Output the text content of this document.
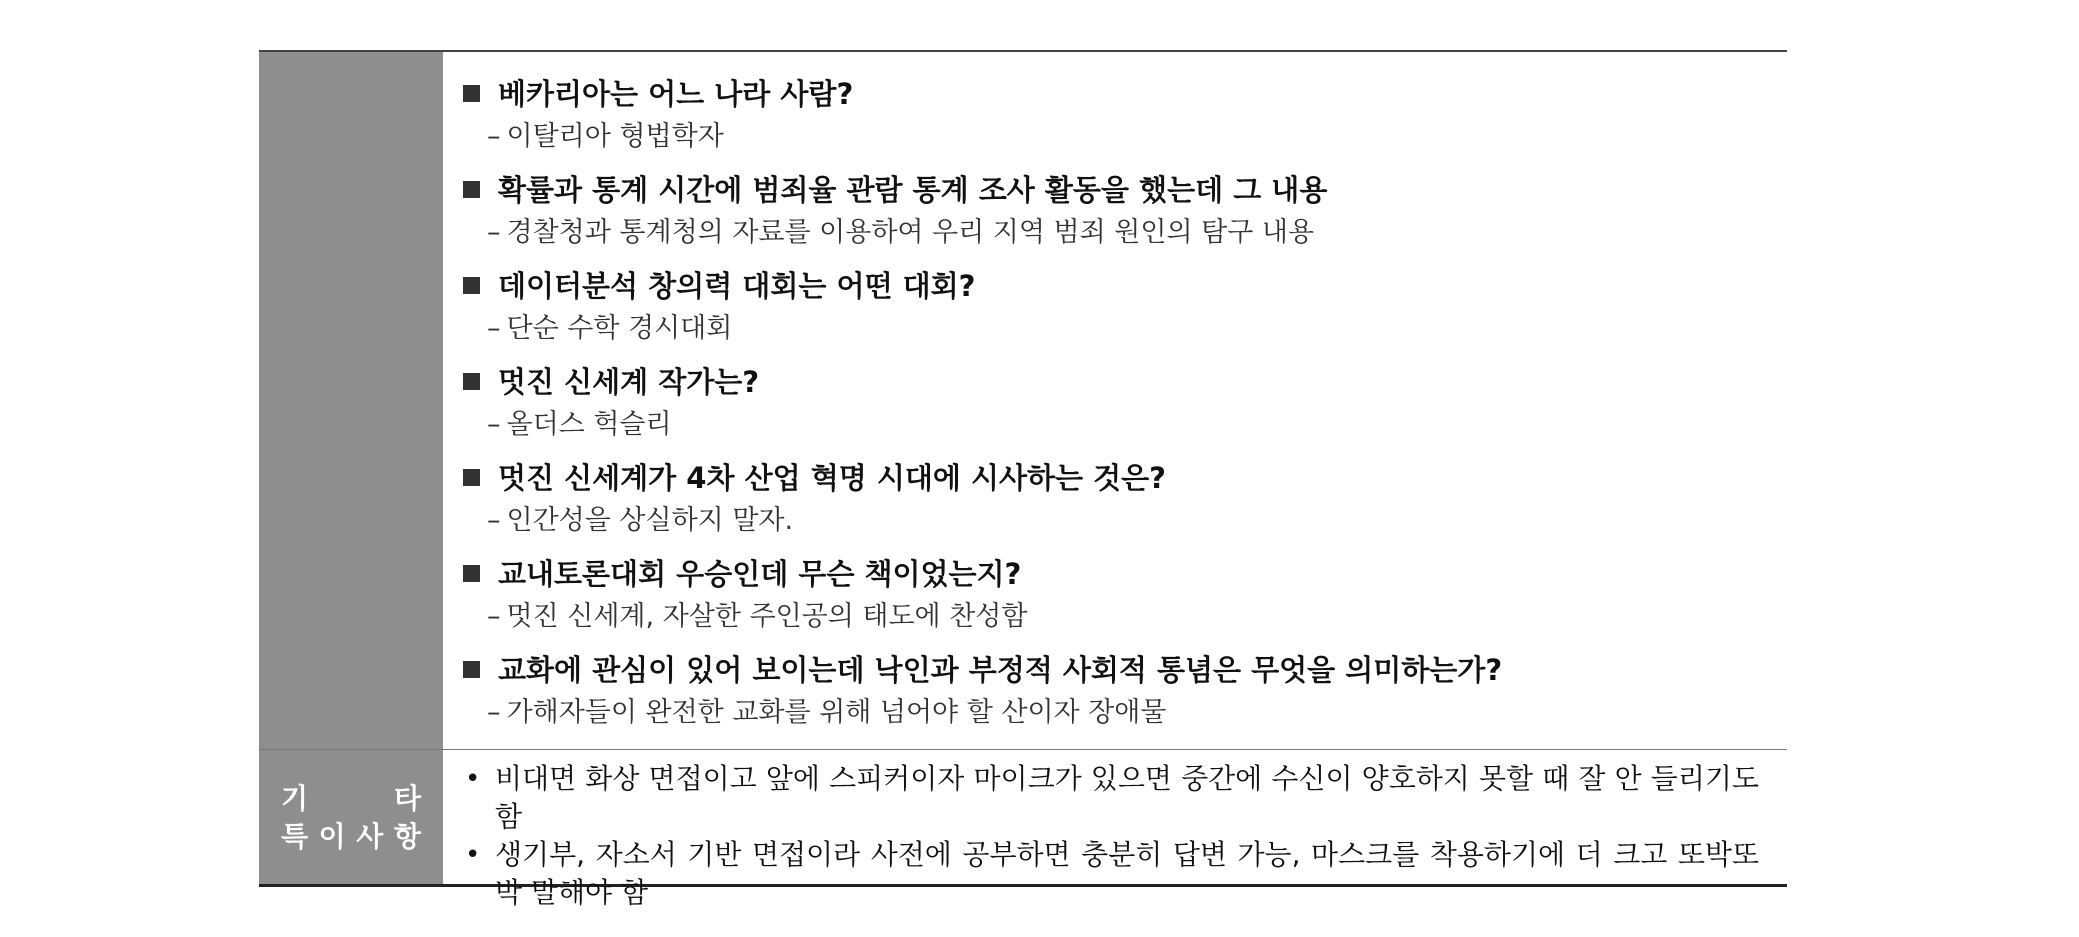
베카리아는 어느 나라 사람?
– 이탈리아 형법학자
확률과 통계 시간에 범죄율 관람 통계 조사 활동을 했는데 그 내용
– 경찰청과 통계청의 자료를 이용하여 우리 지역 범죄 원인의 탐구 내용
데이터분석 창의력 대회는 어떤 대회?
– 단순 수학 경시대회
멋진 신세계 작가는?
– 올더스 헉슬리
멋진 신세계가 4차 산업 혁명 시대에 시사하는 것은?
– 인간성을 상실하지 말자.
교내토론대회 우승인데 무슨 책이었는지?
– 멋진 신세계, 자살한 주인공의 태도에 찬성함
교화에 관심이 있어 보이는데 낙인과 부정적 사회적 통념은 무엇을 의미하는가?
– 가해자들이 완전한 교화를 위해 넘어야 할 산이자 장애물
기	타
특 이 사 항
• 비대면 화상 면접이고 앞에 스피커이자 마이크가 있으면 중간에 수신이 양호하지 못할 때 잘 안 들리기도 함
• 생기부, 자소서 기반 면접이라 사전에 공부하면 충분히 답변 가능, 마스크를 착용하기에 더 크고 또박또박 말해야 함
